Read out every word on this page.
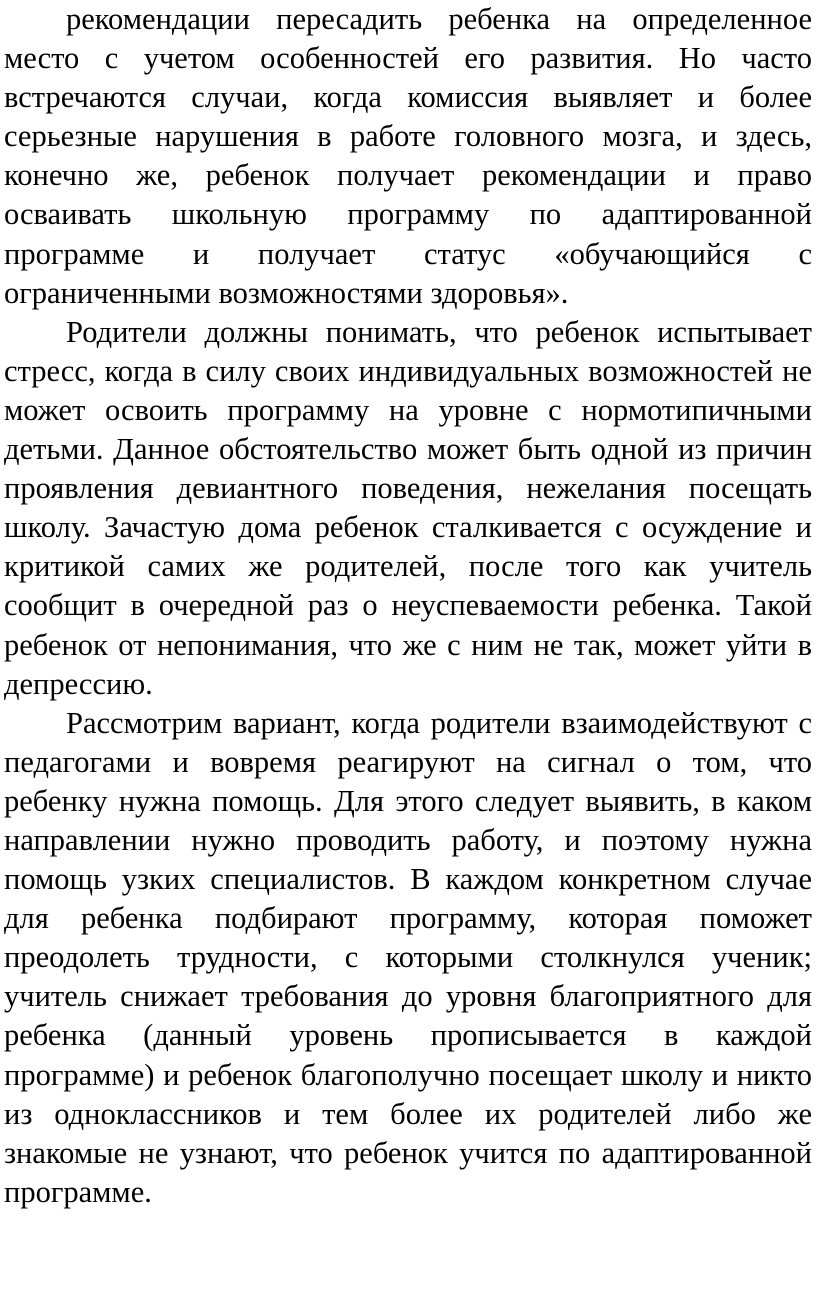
рекомендации пересадить ребенка на определенное место с учетом особенностей его развития. Но часто встречаются случаи, когда комиссия выявляет и более серьезные нарушения в работе головного мозга, и здесь, конечно же, ребенок получает рекомендации и право осваивать школьную программу по адаптированной программе и получает статус «обучающийся с ограниченными возможностями здоровья».

Родители должны понимать, что ребенок испытывает стресс, когда в силу своих индивидуальных возможностей не может освоить программу на уровне с нормотипичными детьми. Данное обстоятельство может быть одной из причин проявления девиантного поведения, нежелания посещать школу. Зачастую дома ребенок сталкивается с осуждение и критикой самих же родителей, после того как учитель сообщит в очередной раз о неуспеваемости ребенка. Такой ребенок от непонимания, что же с ним не так, может уйти в депрессию.

Рассмотрим вариант, когда родители взаимодействуют с педагогами и вовремя реагируют на сигнал о том, что ребенку нужна помощь. Для этого следует выявить, в каком направлении нужно проводить работу, и поэтому нужна помощь узких специалистов. В каждом конкретном случае для ребенка подбирают программу, которая поможет преодолеть трудности, с которыми столкнулся ученик; учитель снижает требования до уровня благоприятного для ребенка (данный уровень прописывается в каждой программе) и ребенок благополучно посещает школу и никто из одноклассников и тем более их родителей либо же знакомые не узнают, что ребенок учится по адаптированной программе.
